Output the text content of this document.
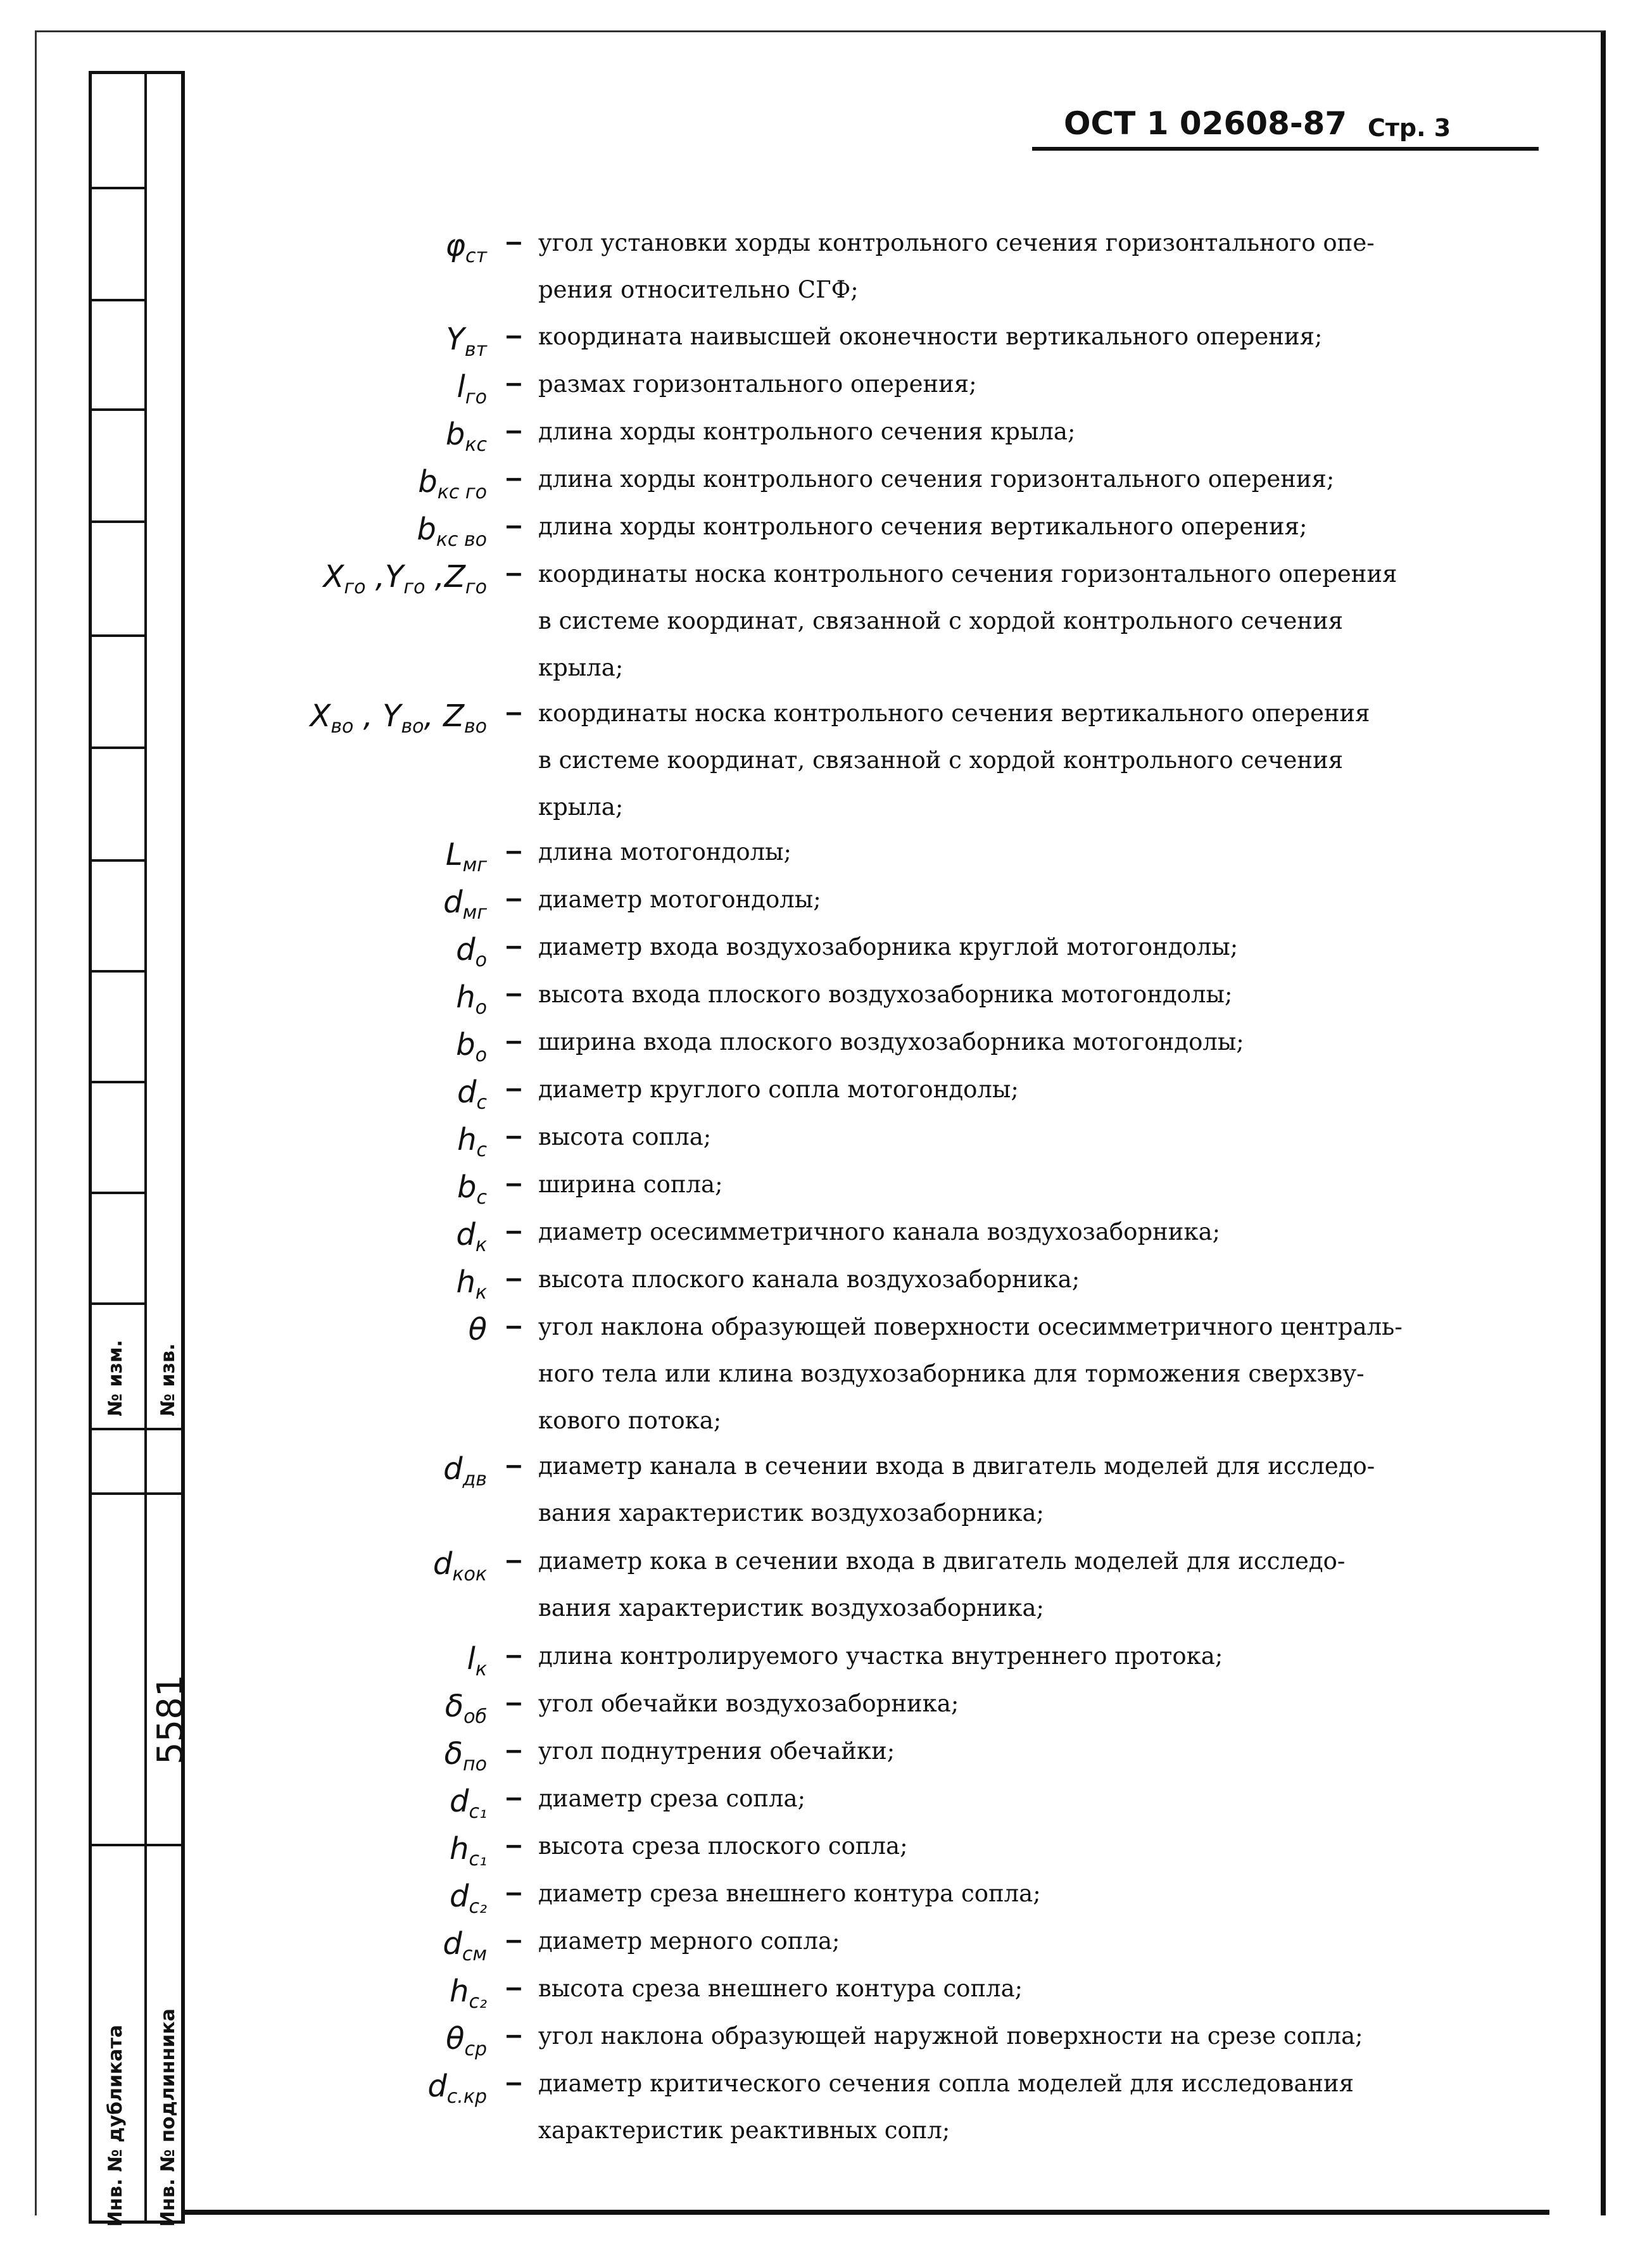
№ изм. № изв.
5581
Инв. № дубликата Инв. № подлинника
ОСТ 1 02608-87 Стр. 3
$\varphi_{ст}$
– угол установки хорды контрольного сечения горизонтального опе-
рения относительно СГФ;
$Y_{вт}$
– координата наивысшей оконечности вертикального оперения;
$l_{го}$
– размах горизонтального оперения;
$b_{кс}$
– длина хорды контрольного сечения крыла;
$b_{кс го}$
– длина хорды контрольного сечения горизонтального оперения;
$b_{кс во}$
– длина хорды контрольного сечения вертикального оперения;
$X_{го}$ $,Y_{го}$ $,Z_{го}$
– координаты носка контрольного сечения горизонтального оперения
в системе координат, связанной с хордой контрольного сечения
крыла;
$X_{во}$ , $Y_{во}$, $Z_{во}$
– координаты носка контрольного сечения вертикального оперения
в системе координат, связанной с хордой контрольного сечения
крыла;
$L_{мг}$
– длина мотогондолы;
$d_{мг}$
– диаметр мотогондолы;
$d_о$
– диаметр входа воздухозаборника круглой мотогондолы;
$h_о$
– высота входа плоского воздухозаборника мотогондолы;
$b_о$
– ширина входа плоского воздухозаборника мотогондолы;
$d_с$
– диаметр круглого сопла мотогондолы;
$h_с$
– высота сопла;
$b_с$
– ширина сопла;
$d_к$
– диаметр осесимметричного канала воздухозаборника;
$h_к$
– высота плоского канала воздухозаборника;
θ – угол наклона образующей поверхности осесимметричного централь-
ного тела или клина воздухозаборника для торможения сверхзву-
кового потока;
$d_{дв}$
– диаметр канала в сечении входа в двигатель моделей для исследо-
вания характеристик воздухозаборника;
$d_{кок}$
– диаметр кока в сечении входа в двигатель моделей для исследо-
вания характеристик воздухозаборника;
$l_к$
– длина контролируемого участка внутреннего протока;
$\delta_{об}$
– угол обечайки воздухозаборника;
$\delta_{по}$
– угол поднутрения обечайки;
$d_{с_1}$
– диаметр среза сопла;
$h_{с_1}$
– высота среза плоского сопла;
$d_{с_2}$
– диаметр среза внешнего контура сопла;
$d_{см}$
– диаметр мерного сопла;
$h_{с_2}$
– высота среза внешнего контура сопла;
$\theta_{ср}$
– угол наклона образующей наружной поверхности на срезе сопла;
$d_{с.кр}$
– диаметр критического сечения сопла моделей для исследования
характеристик реактивных сопл;
